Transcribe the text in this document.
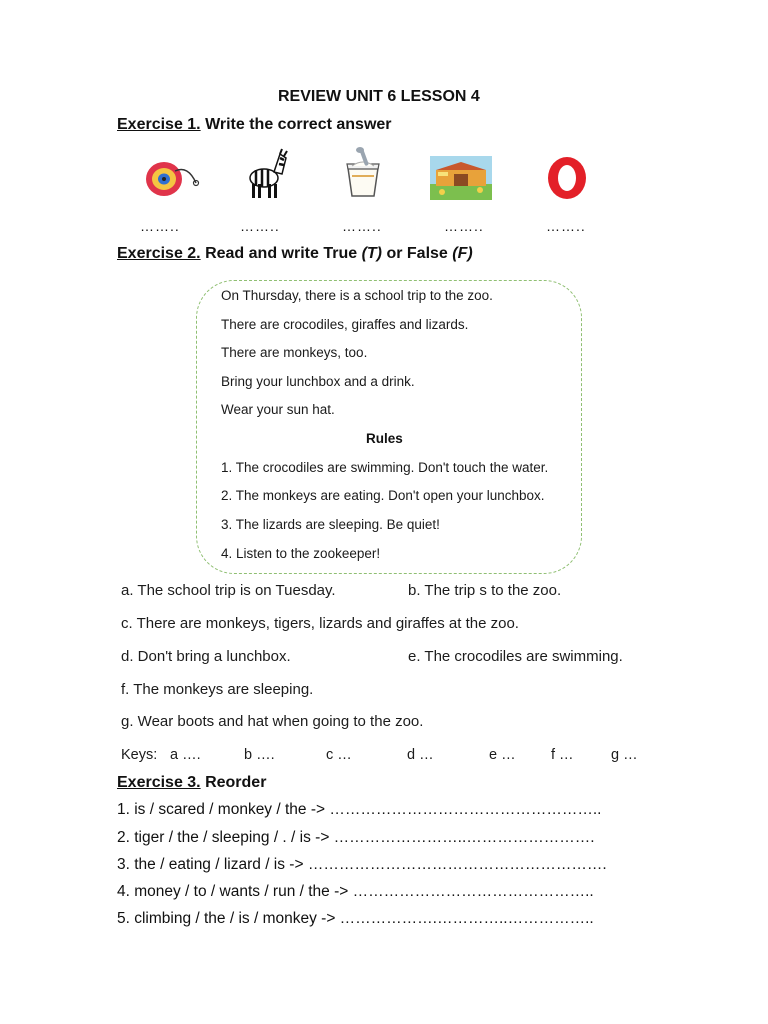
REVIEW UNIT 6 LESSON 4
Exercise 1. Write the correct answer
……..	……..	……..	……..	……..
Exercise 2. Read and write True (T) or False (F)
On Thursday, there is a school trip to the zoo.
There are crocodiles, giraffes and lizards.
There are monkeys, too.
Bring your lunchbox and a drink.
Wear your sun hat.
Rules
1. The crocodiles are swimming. Don't touch the water.
2. The monkeys are eating. Don't open your lunchbox.
3. The lizards are sleeping. Be quiet!
4. Listen to the zookeeper!
a. The school trip is on Tuesday.	b. The trip s to the zoo.
c. There are monkeys, tigers, lizards and giraffes at the zoo.
d. Don't bring a lunchbox.	e. The crocodiles are swimming.
f. The monkeys are sleeping.
g. Wear boots and hat when going to the zoo.
Keys: a ….	b ….	c …	d …	e … f …	g …
Exercise 3. Reorder
1. is / scared / monkey / the -> ……………………………………………..
2. tiger / the / sleeping / . / is -> ……………………..…………………….
3. the / eating / lizard / is -> ………………………………………………….
4. money / to / wants / run / the -> ………………………………………..
5. climbing / the / is / monkey -> ……………….…………..……………..
